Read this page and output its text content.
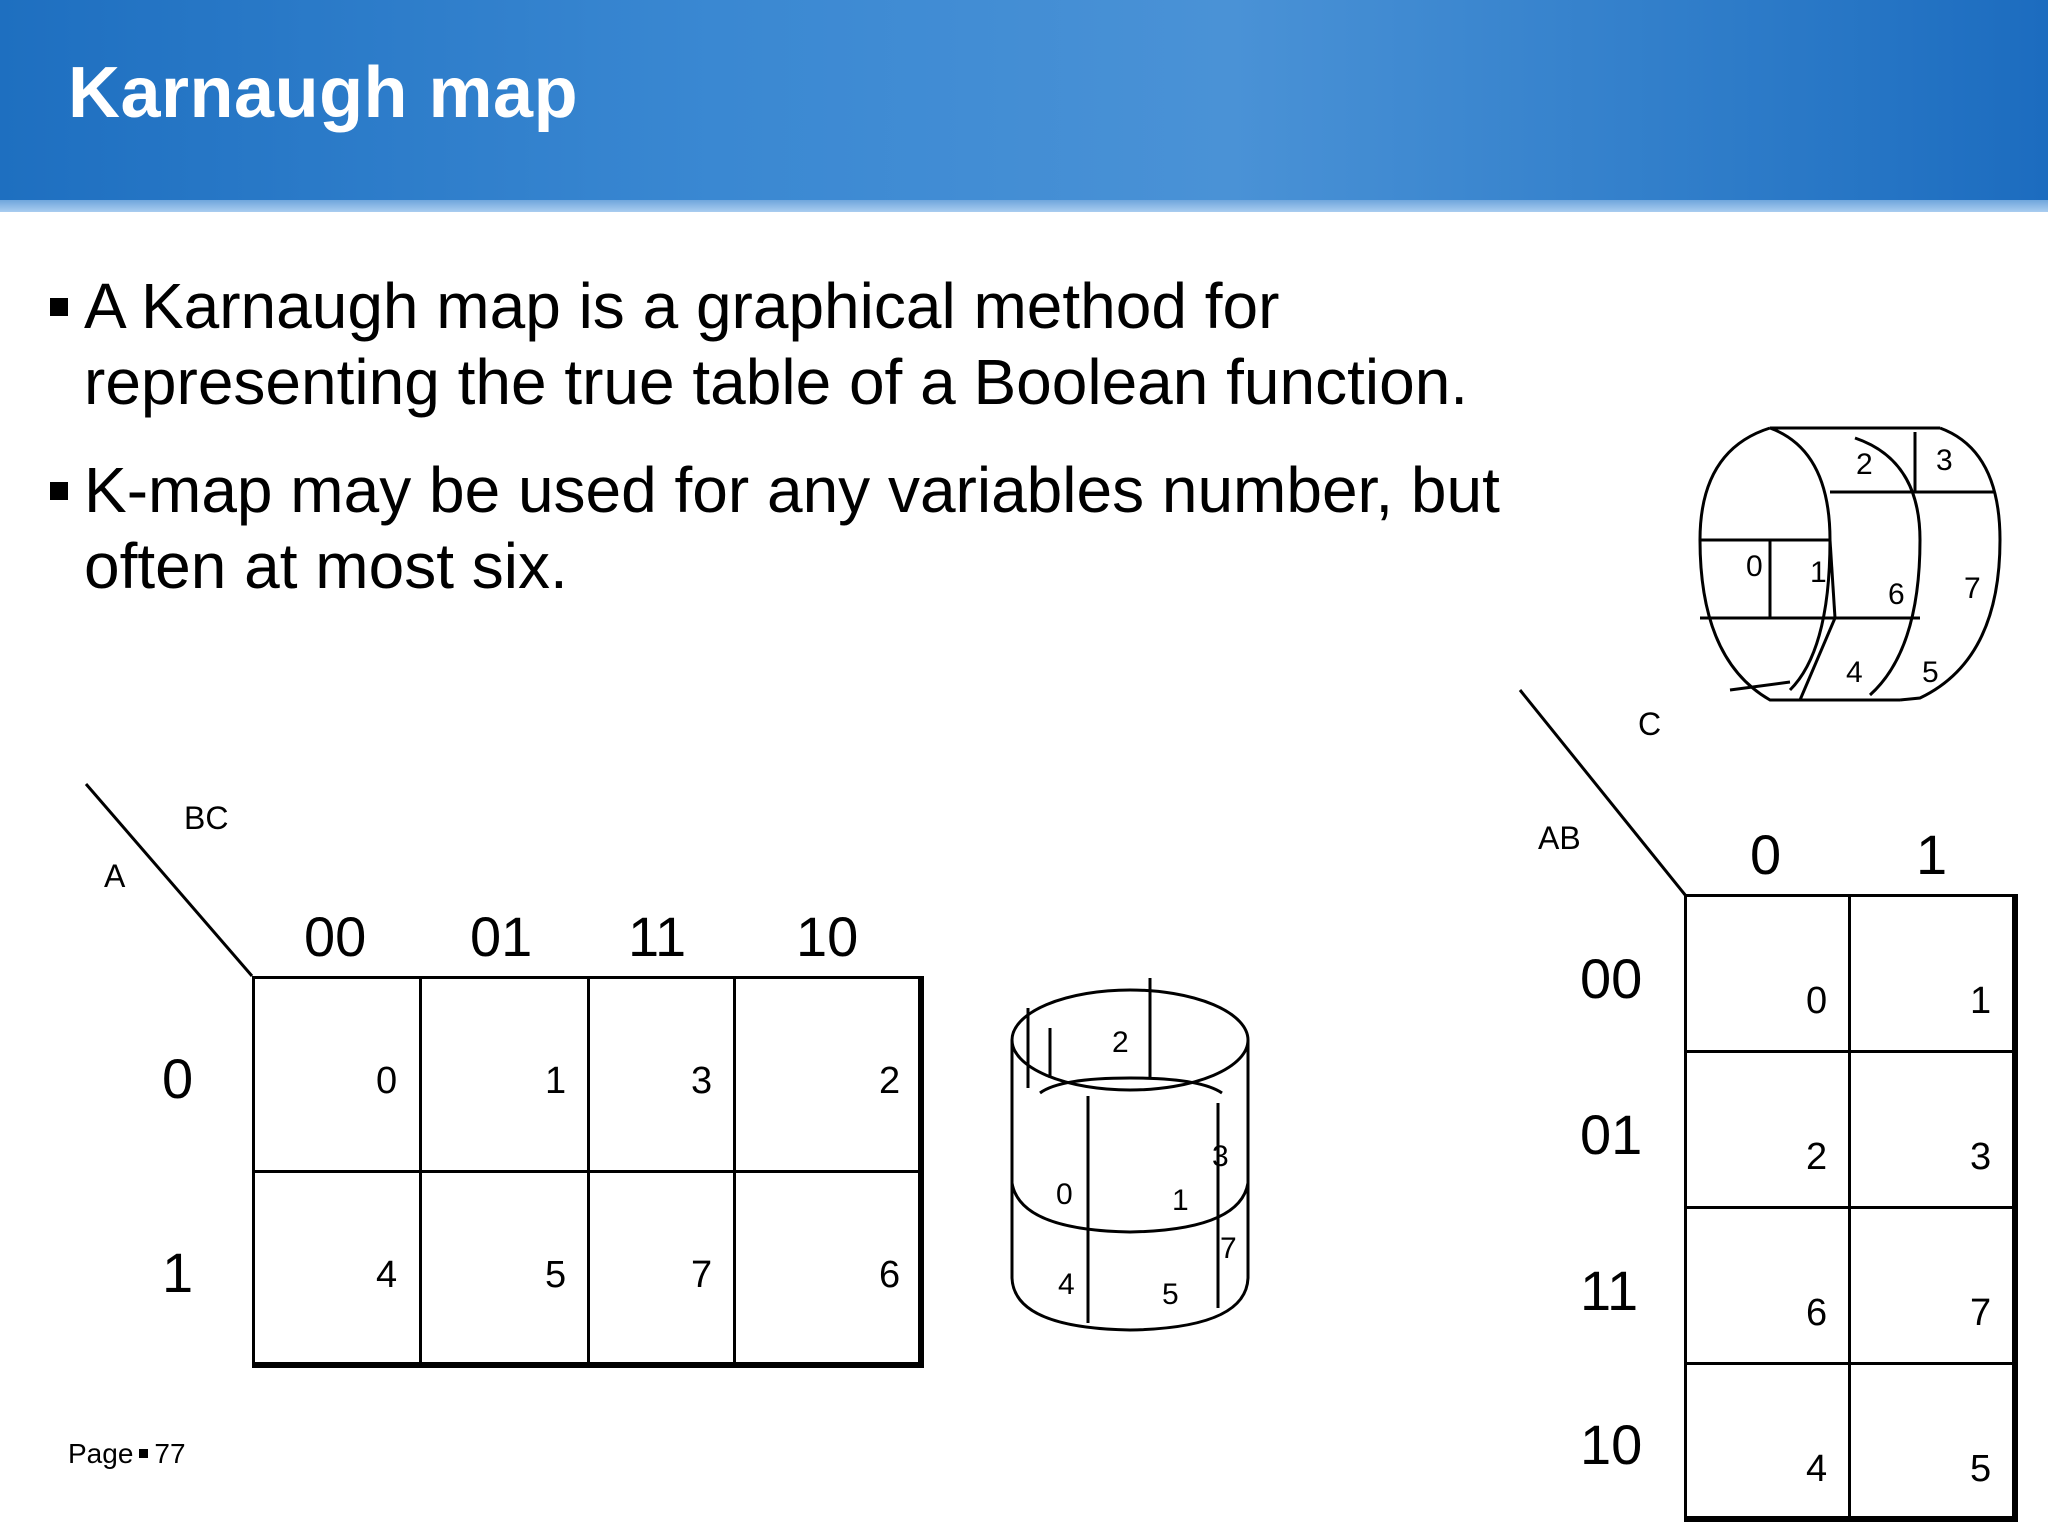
Karnaugh map
A Karnaugh map is a graphical method for
representing the true table of a Boolean function.
K-map may be used for any variables number, but
often at most six.
BC
A
00 01 11 10
0
1
0	1	3	2
4	5	7	6
2
3
0	1
7
4	5
2 3
0 1
6 7
4 5
C
AB	0 1
00
01
11
10
0	1
2	3
6	7
4	5
Page 77
